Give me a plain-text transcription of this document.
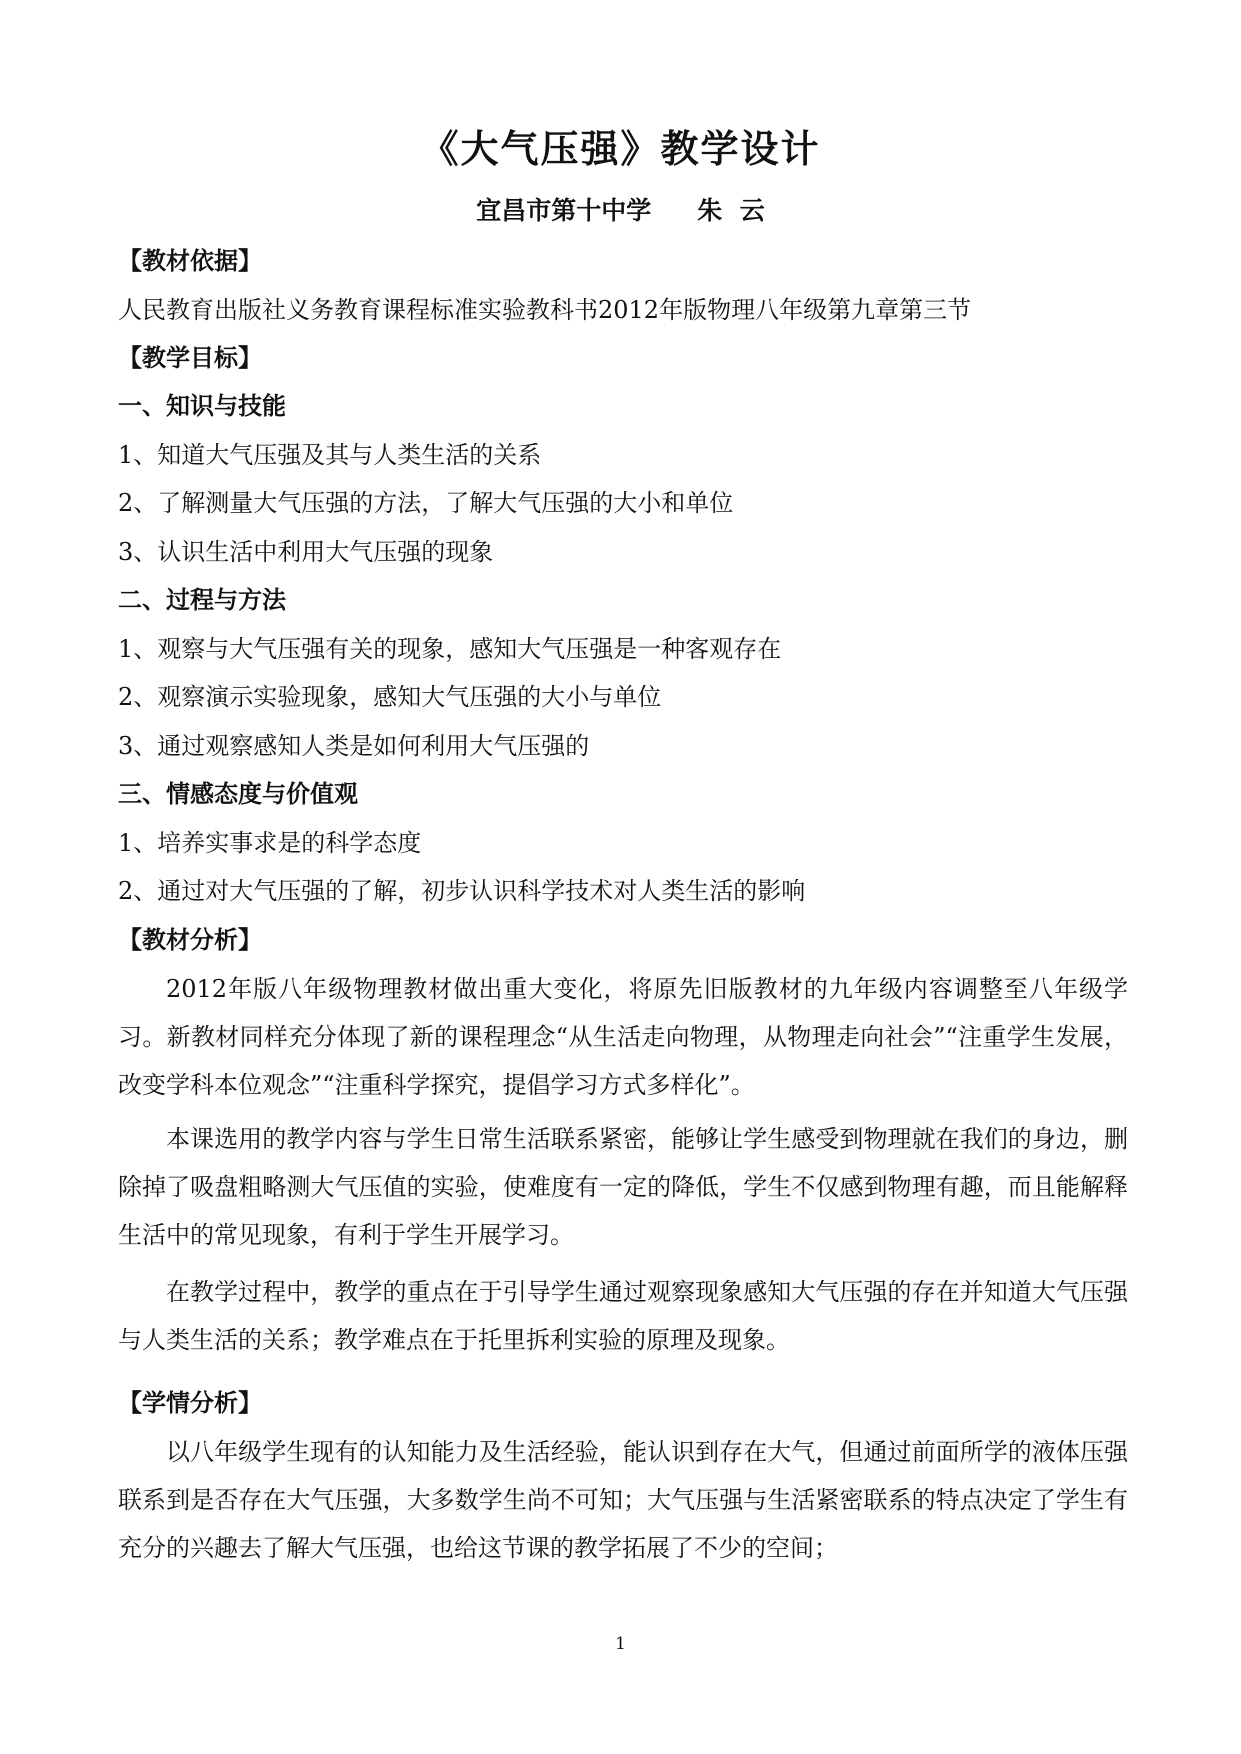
《大气压强》教学设计
宜昌市第十中学 朱  云
【教材依据】
人民教育出版社义务教育课程标准实验教科书2012年版物理八年级第九章第三节
【教学目标】
一、知识与技能
1、知道大气压强及其与人类生活的关系
2、了解测量大气压强的方法，了解大气压强的大小和单位
3、认识生活中利用大气压强的现象
二、过程与方法
1、观察与大气压强有关的现象，感知大气压强是一种客观存在
2、观察演示实验现象，感知大气压强的大小与单位
3、通过观察感知人类是如何利用大气压强的
三、情感态度与价值观
1、培养实事求是的科学态度
2、通过对大气压强的了解，初步认识科学技术对人类生活的影响
【教材分析】
2012年版八年级物理教材做出重大变化，将原先旧版教材的九年级内容调整至八年级学习。新教材同样充分体现了新的课程理念“从生活走向物理，从物理走向社会”“注重学生发展，改变学科本位观念”“注重科学探究，提倡学习方式多样化”。
本课选用的教学内容与学生日常生活联系紧密，能够让学生感受到物理就在我们的身边，删除掉了吸盘粗略测大气压值的实验，使难度有一定的降低，学生不仅感到物理有趣，而且能解释生活中的常见现象，有利于学生开展学习。
在教学过程中，教学的重点在于引导学生通过观察现象感知大气压强的存在并知道大气压强与人类生活的关系；教学难点在于托里拆利实验的原理及现象。
【学情分析】
以八年级学生现有的认知能力及生活经验，能认识到存在大气，但通过前面所学的液体压强联系到是否存在大气压强，大多数学生尚不可知；大气压强与生活紧密联系的特点决定了学生有充分的兴趣去了解大气压强，也给这节课的教学拓展了不少的空间；
1
